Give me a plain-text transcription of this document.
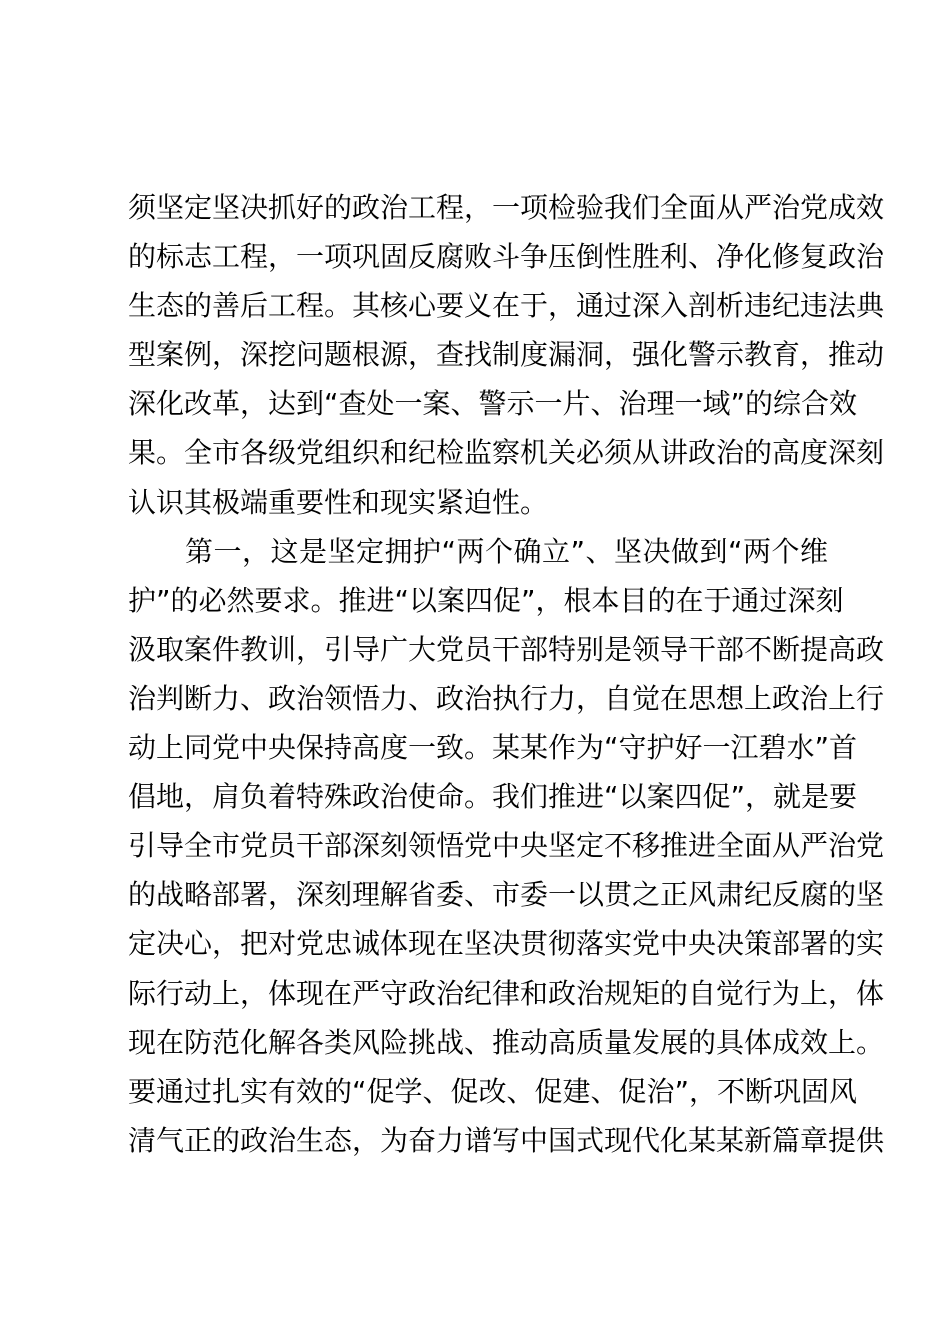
须坚定坚决抓好的政治工程，一项检验我们全面从严治党成效
的标志工程，一项巩固反腐败斗争压倒性胜利、净化修复政治
生态的善后工程。其核心要义在于，通过深入剖析违纪违法典
型案例，深挖问题根源，查找制度漏洞，强化警示教育，推动
深化改革，达到“查处一案、警示一片、治理一域”的综合效
果。全市各级党组织和纪检监察机关必须从讲政治的高度深刻
认识其极端重要性和现实紧迫性。
　　第一，这是坚定拥护“两个确立”、坚决做到“两个维
护”的必然要求。推进“以案四促”，根本目的在于通过深刻
汲取案件教训，引导广大党员干部特别是领导干部不断提高政
治判断力、政治领悟力、政治执行力，自觉在思想上政治上行
动上同党中央保持高度一致。某某作为“守护好一江碧水”首
倡地，肩负着特殊政治使命。我们推进“以案四促”，就是要
引导全市党员干部深刻领悟党中央坚定不移推进全面从严治党
的战略部署，深刻理解省委、市委一以贯之正风肃纪反腐的坚
定决心，把对党忠诚体现在坚决贯彻落实党中央决策部署的实
际行动上，体现在严守政治纪律和政治规矩的自觉行为上，体
现在防范化解各类风险挑战、推动高质量发展的具体成效上。
要通过扎实有效的“促学、促改、促建、促治”，不断巩固风
清气正的政治生态，为奋力谱写中国式现代化某某新篇章提供
